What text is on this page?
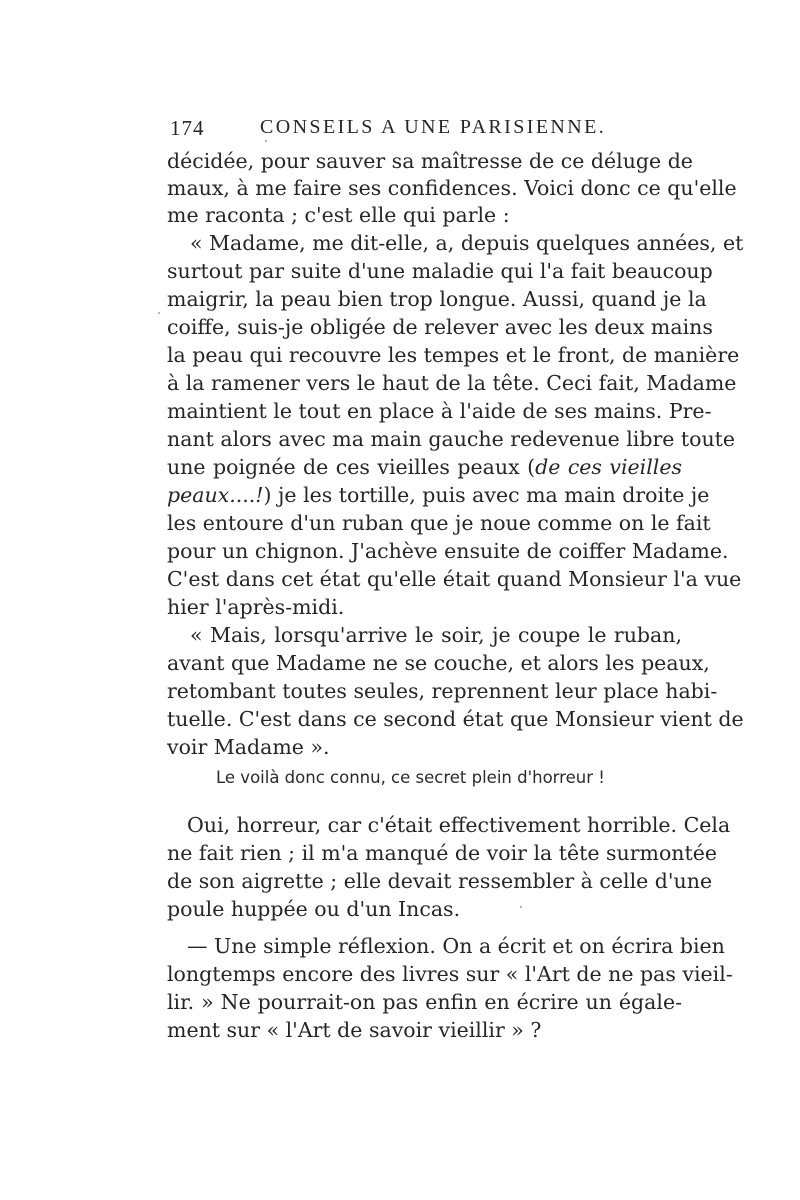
174	CONSEILS A UNE PARISIENNE.
décidée, pour sauver sa maîtresse de ce déluge de
maux, à me faire ses confidences. Voici donc ce qu'elle
me raconta ; c'est elle qui parle :
« Madame, me dit-elle, a, depuis quelques années, et
surtout par suite d'une maladie qui l'a fait beaucoup
maigrir, la peau bien trop longue. Aussi, quand je la
coiffe, suis-je obligée de relever avec les deux mains
la peau qui recouvre les tempes et le front, de manière
à la ramener vers le haut de la tête. Ceci fait, Madame
maintient le tout en place à l'aide de ses mains. Pre-
nant alors avec ma main gauche redevenue libre toute
une poignée de ces vieilles peaux (de ces vieilles
peaux....!) je les tortille, puis avec ma main droite je
les entoure d'un ruban que je noue comme on le fait
pour un chignon. J'achève ensuite de coiffer Madame.
C'est dans cet état qu'elle était quand Monsieur l'a vue
hier l'après-midi.
« Mais, lorsqu'arrive le soir, je coupe le ruban,
avant que Madame ne se couche, et alors les peaux,
retombant toutes seules, reprennent leur place habi-
tuelle. C'est dans ce second état que Monsieur vient de
voir Madame ».
Le voilà donc connu, ce secret plein d'horreur !
Oui, horreur, car c'était effectivement horrible. Cela
ne fait rien ; il m'a manqué de voir la tête surmontée
de son aigrette ; elle devait ressembler à celle d'une
poule huppée ou d'un Incas.
— Une simple réflexion. On a écrit et on écrira bien
longtemps encore des livres sur « l'Art de ne pas vieil-
lir. » Ne pourrait-on pas enfin en écrire un égale-
ment sur « l'Art de savoir vieillir » ?
